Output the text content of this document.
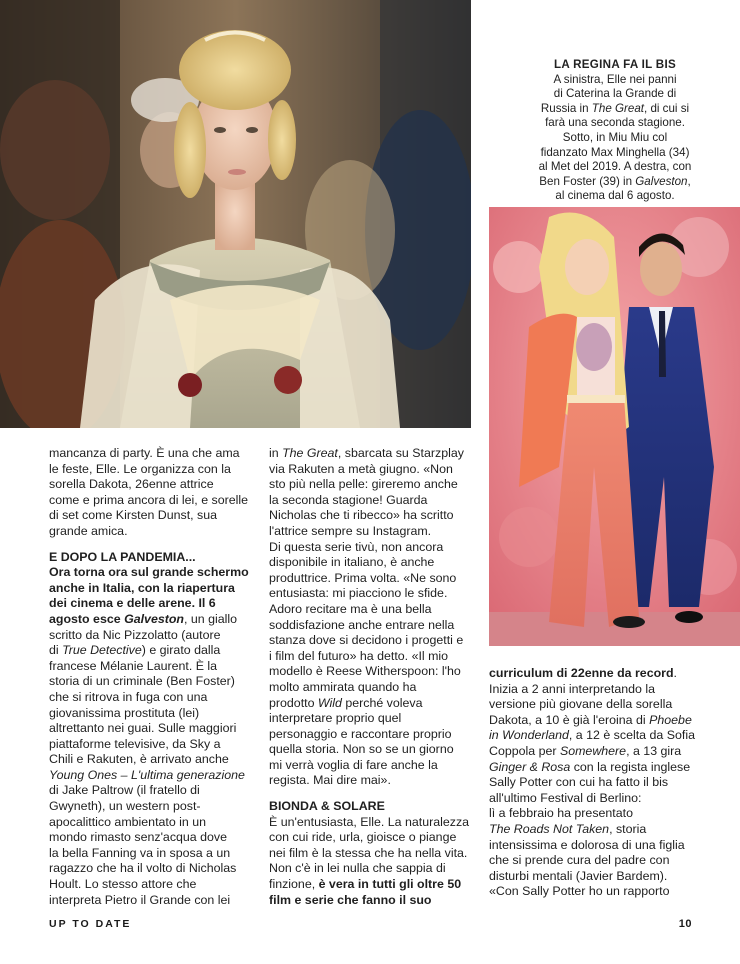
LA REGINA FA IL BIS
A sinistra, Elle nei panni
di Caterina la Grande di
Russia in The Great, di cui si
farà una seconda stagione.
Sotto, in Miu Miu col
fidanzato Max Minghella (34)
al Met del 2019. A destra, con
Ben Foster (39) in Galveston,
al cinema dal 6 agosto.
mancanza di party. È una che ama
le feste, Elle. Le organizza con la
sorella Dakota, 26enne attrice
come e prima ancora di lei, e sorelle
di set come Kirsten Dunst, sua
grande amica.
E DOPO LA PANDEMIA...
Ora torna ora sul grande schermo
anche in Italia, con la riapertura
dei cinema e delle arene. Il 6
agosto esce Galveston, un giallo
scritto da Nic Pizzolatto (autore
di True Detective) e girato dalla
francese Mélanie Laurent. È la
storia di un criminale (Ben Foster)
che si ritrova in fuga con una
giovanissima prostituta (lei)
altrettanto nei guai. Sulle maggiori
piattaforme televisive, da Sky a
Chili e Rakuten, è arrivato anche
Young Ones – L'ultima generazione
di Jake Paltrow (il fratello di
Gwyneth), un western post-
apocalittico ambientato in un
mondo rimasto senz'acqua dove
la bella Fanning va in sposa a un
ragazzo che ha il volto di Nicholas
Hoult. Lo stesso attore che
interpreta Pietro il Grande con lei
in The Great, sbarcata su Starzplay
via Rakuten a metà giugno. «Non
sto più nella pelle: gireremo anche
la seconda stagione! Guarda
Nicholas che ti ribecco» ha scritto
l'attrice sempre su Instagram.
Di questa serie tivù, non ancora
disponibile in italiano, è anche
produttrice. Prima volta. «Ne sono
entusiasta: mi piacciono le sfide.
Adoro recitare ma è una bella
soddisfazione anche entrare nella
stanza dove si decidono i progetti e
i film del futuro» ha detto. «Il mio
modello è Reese Witherspoon: l'ho
molto ammirata quando ha
prodotto Wild perché voleva
interpretare proprio quel
personaggio e raccontare proprio
quella storia. Non so se un giorno
mi verrà voglia di fare anche la
regista. Mai dire mai».
BIONDA & SOLARE
È un'entusiasta, Elle. La naturalezza
con cui ride, urla, gioisce o piange
nei film è la stessa che ha nella vita.
Non c'è in lei nulla che sappia di
finzione, è vera in tutti gli oltre 50
film e serie che fanno il suo
curriculum di 22enne da record.
Inizia a 2 anni interpretando la
versione più giovane della sorella
Dakota, a 10 è già l'eroina di Phoebe
in Wonderland, a 12 è scelta da Sofia
Coppola per Somewhere, a 13 gira
Ginger & Rosa con la regista inglese
Sally Potter con cui ha fatto il bis
all'ultimo Festival di Berlino:
lì a febbraio ha presentato
The Roads Not Taken, storia
intensissima e dolorosa di una figlia
che si prende cura del padre con
disturbi mentali (Javier Bardem).
«Con Sally Potter ho un rapporto
UP TO DATE	10
